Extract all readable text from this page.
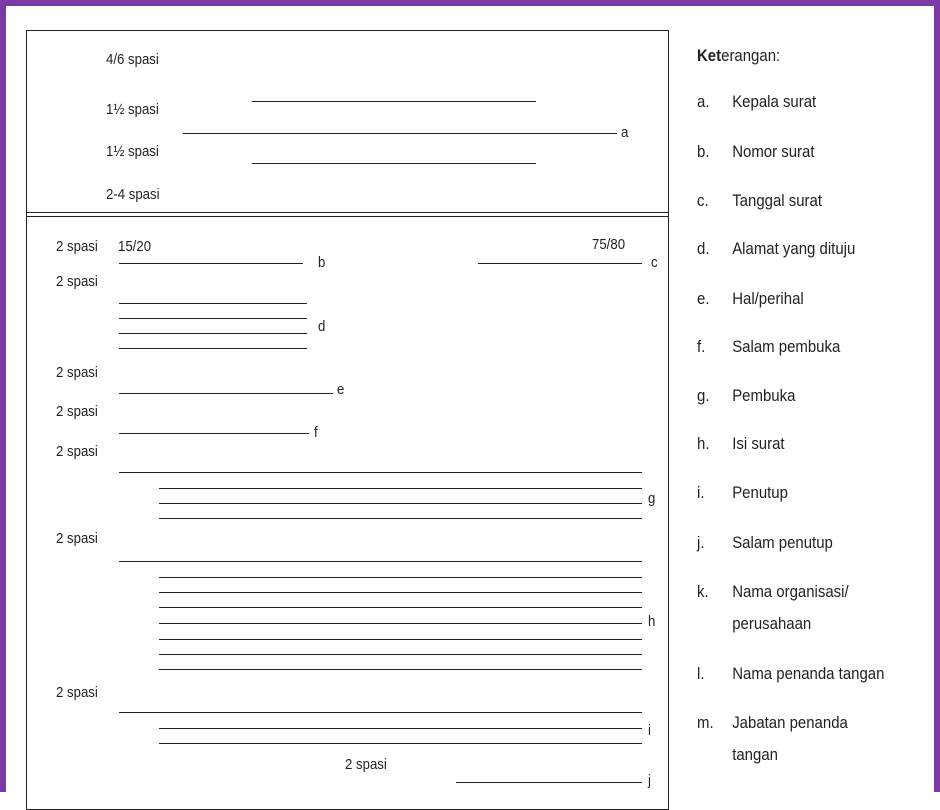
4/6 spasi
1½ spasi
1½ spasi
2-4 spasi
a
2 spasi 15/20	75/80
b	c
2 spasi
d
2 spasi
e
2 spasi
f
2 spasi
g
2 spasi
h
2 spasi
i
2 spasi
j
Keterangan:
a. Kepala surat
b. Nomor surat
c. Tanggal surat
d. Alamat yang dituju
e. Hal/perihal
f. Salam pembuka
g. Pembuka
h. Isi surat
i. Penutup
j. Salam penutup
k. Nama organisasi/
perusahaan
l. Nama penanda tangan
m. Jabatan penanda
tangan
